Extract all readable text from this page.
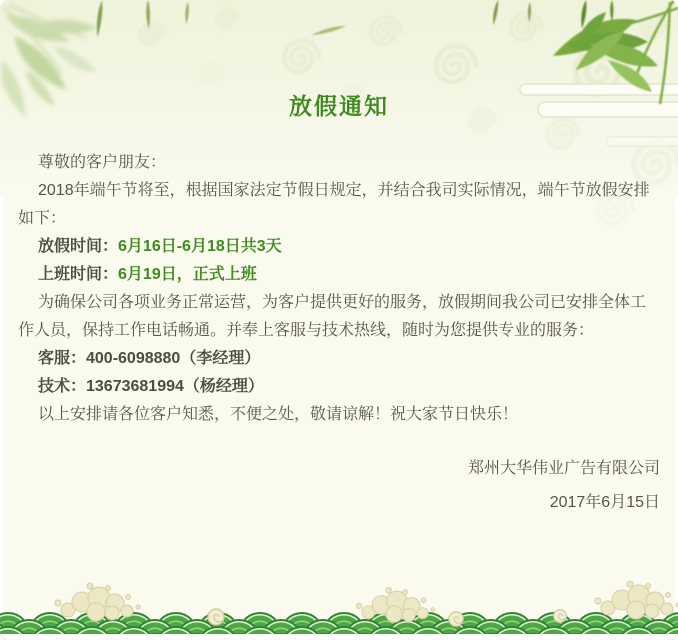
放假通知

尊敬的客户朋友：

2018年端午节将至，根据国家法定节假日规定，并结合我司实际情况，端午节放假安排如下：

放假时间：6月16日-6月18日共3天

上班时间：6月19日，正式上班

为确保公司各项业务正常运营，为客户提供更好的服务，放假期间我公司已安排全体工作人员，保持工作电话畅通。并奉上客服与技术热线，随时为您提供专业的服务：

客服：400-6098880（李经理）

技术：13673681994（杨经理）

以上安排请各位客户知悉，不便之处，敬请谅解！祝大家节日快乐！

郑州大华伟业广告有限公司

2017年6月15日
